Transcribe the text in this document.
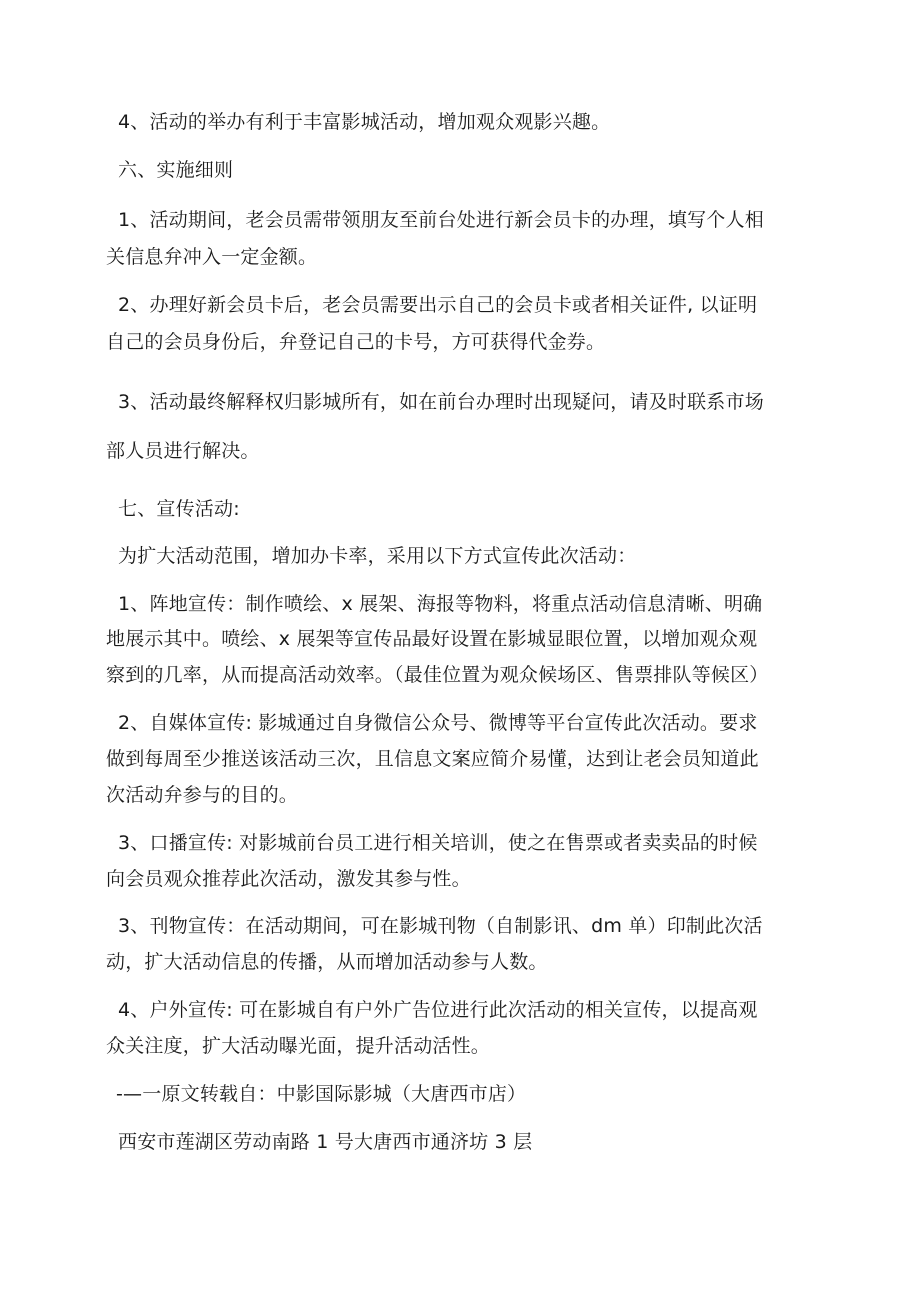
4、活动的举办有利于丰富影城活动，增加观众观影兴趣。
六、实施细则
1、活动期间，老会员需带领朋友至前台处进行新会员卡的办理，填写个人相
关信息弁冲入一定金额。
2、办理好新会员卡后，老会员需要出示自己的会员卡或者相关证件, 以证明
自己的会员身份后，弁登记自己的卡号，方可获得代金券。
3、活动最终解释权归影城所有，如在前台办理时出现疑问，请及时联系市场
部人员进行解决。
七、宣传活动:
为扩大活动范围，增加办卡率，采用以下方式宣传此次活动：
1、阵地宣传：制作喷绘、x 展架、海报等物料，将重点活动信息清晰、明确
地展示其中。喷绘、x 展架等宣传品最好设置在影城显眼位置，以增加观众观
察到的几率，从而提高活动效率。（最佳位置为观众候场区、售票排队等候区）
2、自媒体宣传: 影城通过自身微信公众号、微博等平台宣传此次活动。要求
做到每周至少推送该活动三次，且信息文案应简介易懂，达到让老会员知道此
次活动弁参与的目的。
3、口播宣传: 对影城前台员工进行相关培训，使之在售票或者卖卖品的时候
向会员观众推荐此次活动，激发其参与性。
3、刊物宣传：在活动期间，可在影城刊物（自制影讯、dm 单）印制此次活
动，扩大活动信息的传播，从而增加活动参与人数。
4、户外宣传: 可在影城自有户外广告位进行此次活动的相关宣传，以提高观
众关注度，扩大活动曝光面，提升活动活性。
-—一原文转载自：中影国际影城（大唐西市店）
西安市莲湖区劳动南路 1 号大唐西市通济坊 3 层
